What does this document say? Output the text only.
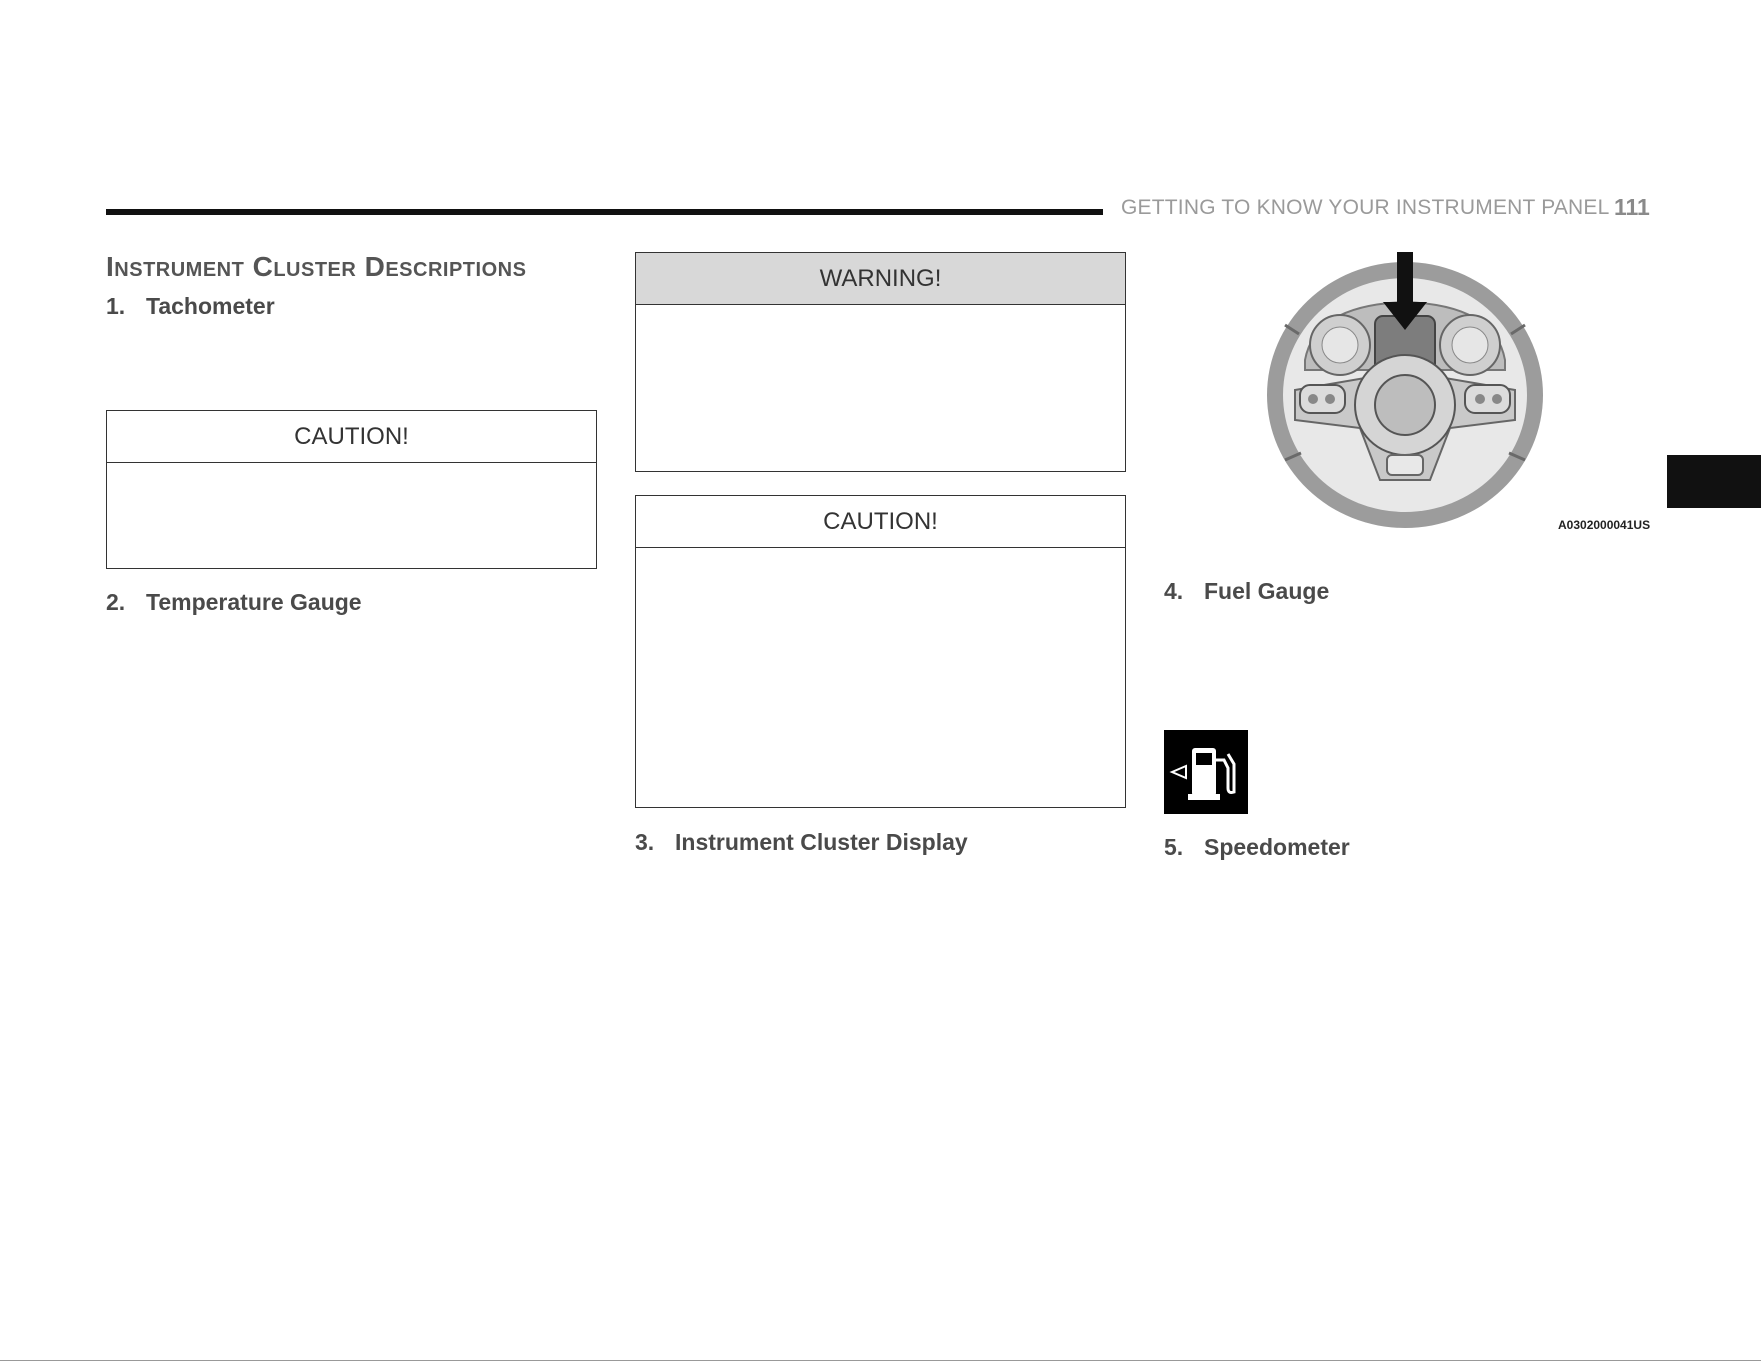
GETTING TO KNOW YOUR INSTRUMENT PANEL 111
Instrument Cluster Descriptions
1. Tachometer
CAUTION!
2. Temperature Gauge
WARNING!
CAUTION!
3. Instrument Cluster Display
A0302000041US
4. Fuel Gauge
5. Speedometer
